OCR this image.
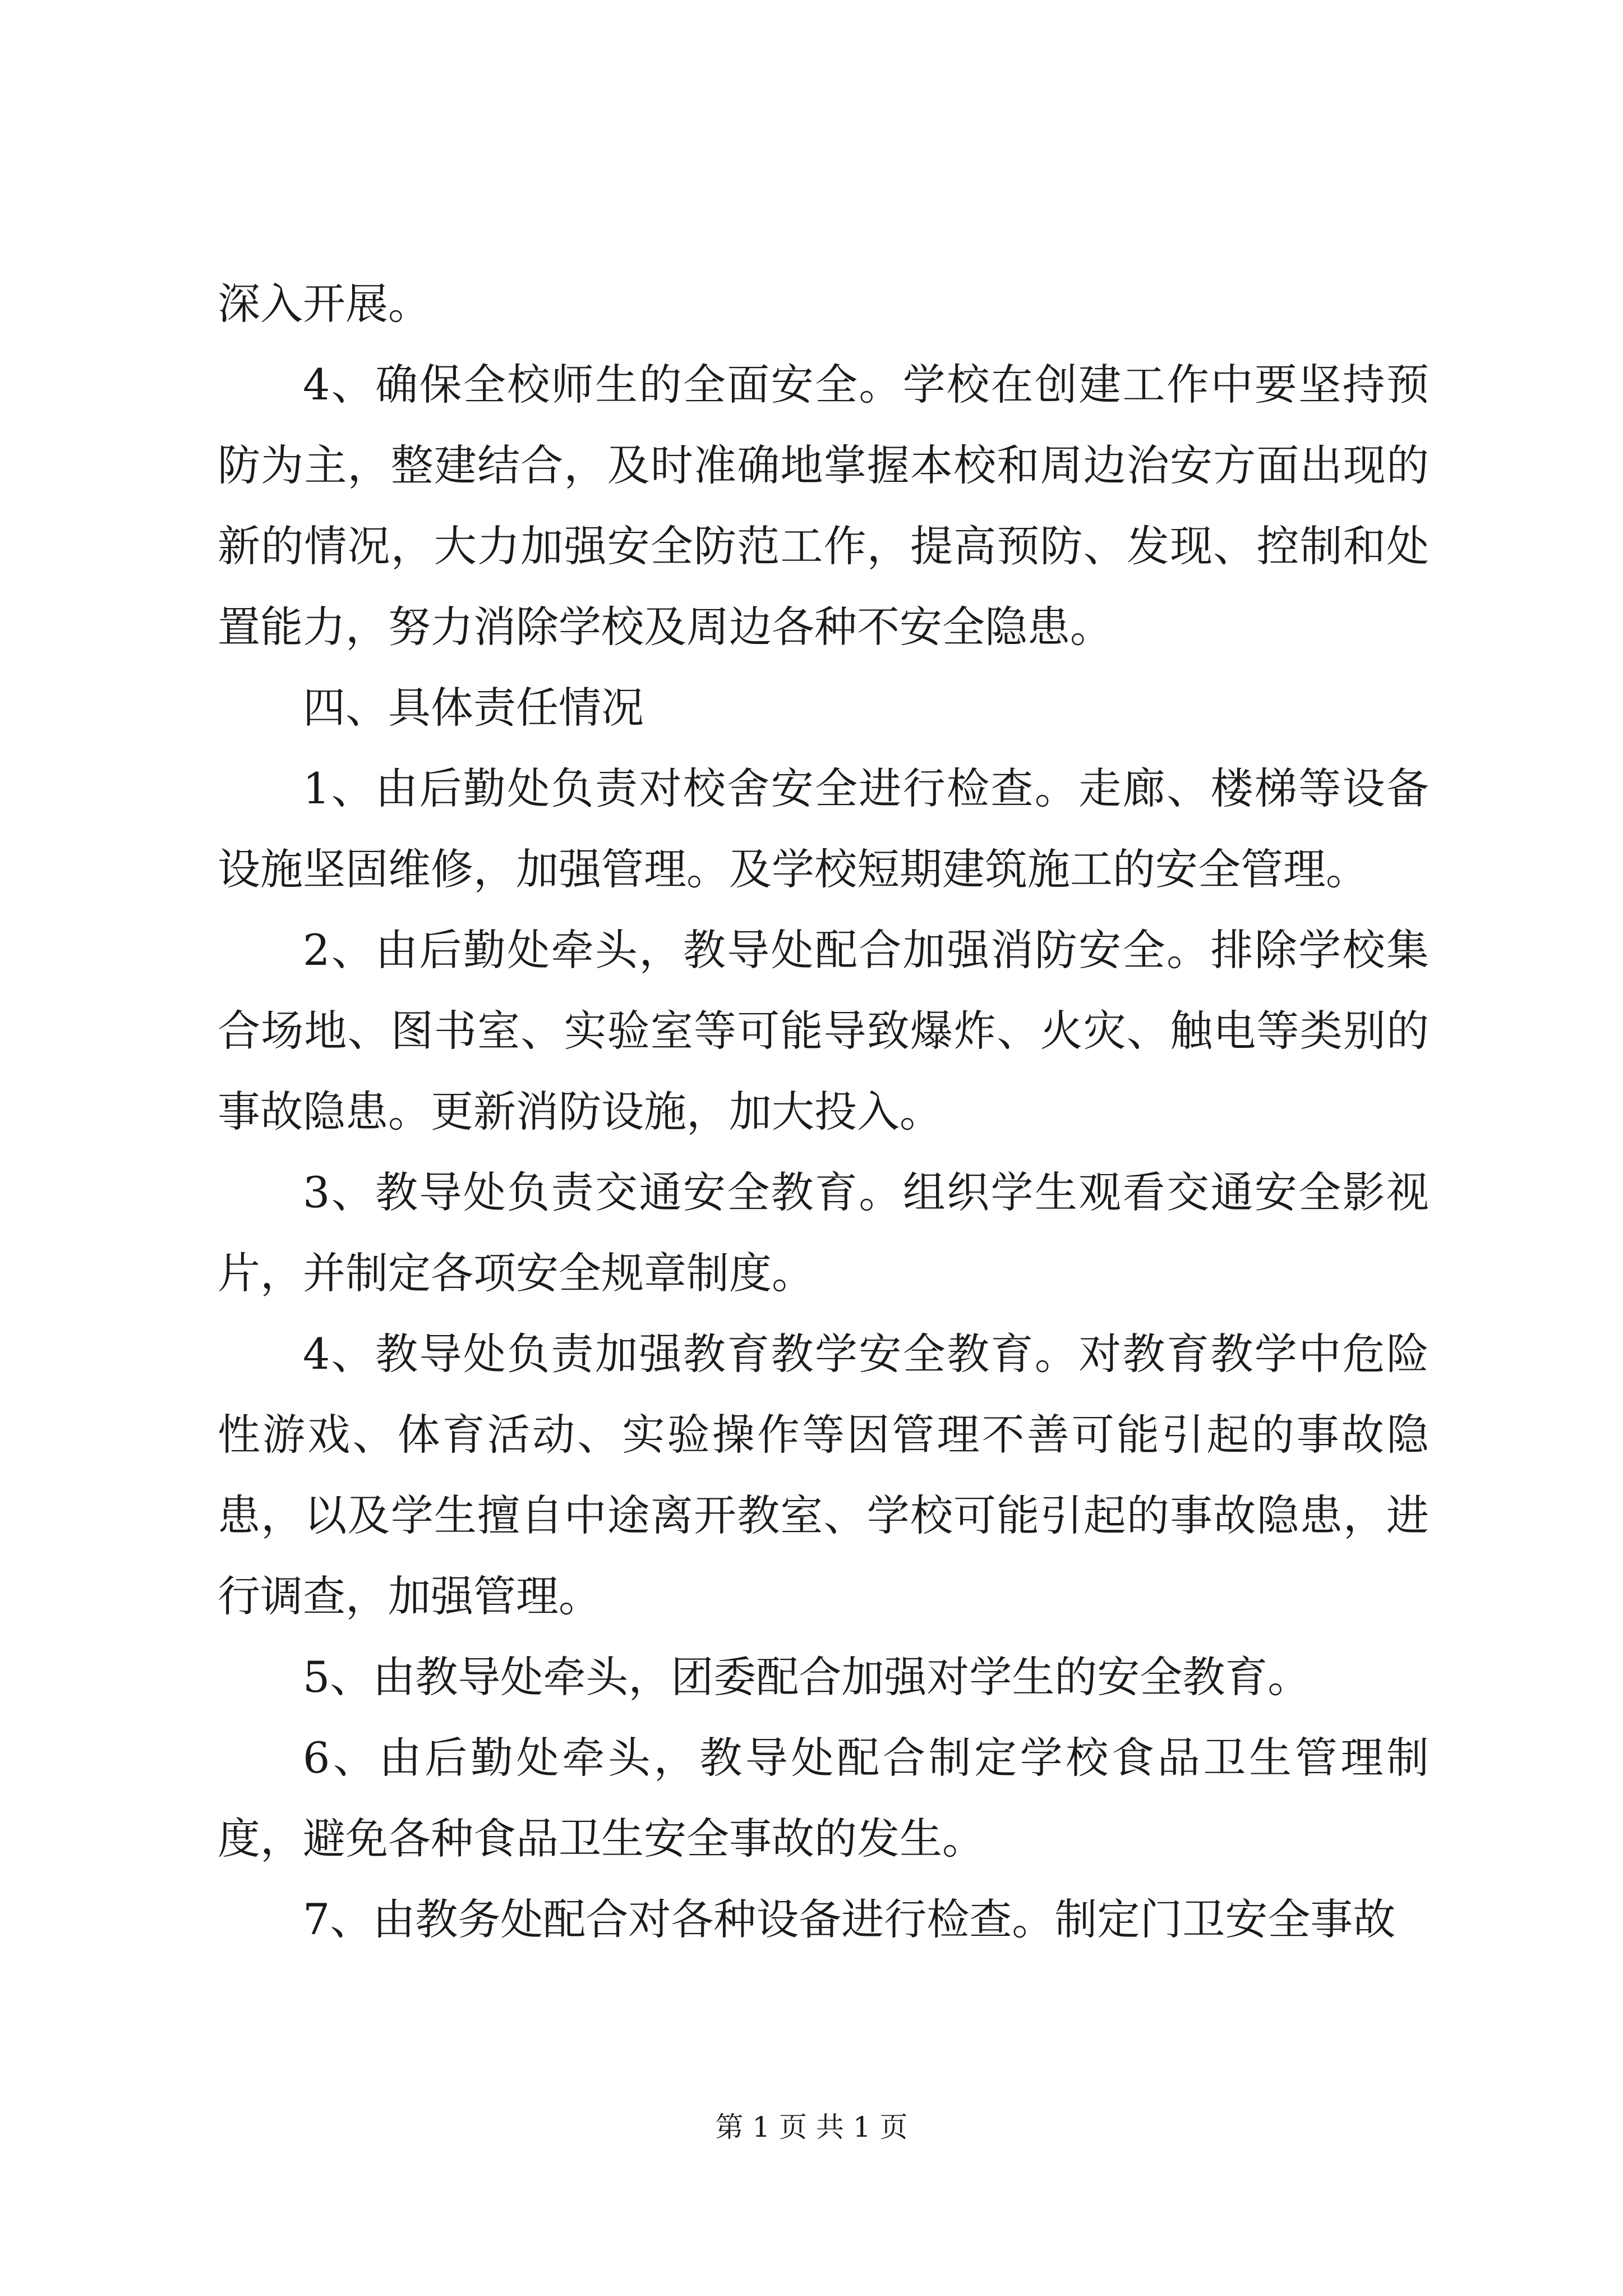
深入开展。

4、确保全校师生的全面安全。学校在创建工作中要坚持预防为主，整建结合，及时准确地掌握本校和周边治安方面出现的新的情况，大力加强安全防范工作，提高预防、发现、控制和处置能力，努力消除学校及周边各种不安全隐患。

四、具体责任情况

1、由后勤处负责对校舍安全进行检查。走廊、楼梯等设备设施坚固维修，加强管理。及学校短期建筑施工的安全管理。

2、由后勤处牵头，教导处配合加强消防安全。排除学校集合场地、图书室、实验室等可能导致爆炸、火灾、触电等类别的事故隐患。更新消防设施，加大投入。

3、教导处负责交通安全教育。组织学生观看交通安全影视片，并制定各项安全规章制度。

4、教导处负责加强教育教学安全教育。对教育教学中危险性游戏、体育活动、实验操作等因管理不善可能引起的事故隐患，以及学生擅自中途离开教室、学校可能引起的事故隐患，进行调查，加强管理。

5、由教导处牵头，团委配合加强对学生的安全教育。

6、由后勤处牵头，教导处配合制定学校食品卫生管理制度，避免各种食品卫生安全事故的发生。

7、由教务处配合对各种设备进行检查。制定门卫安全事故

第 1 页 共 1 页
